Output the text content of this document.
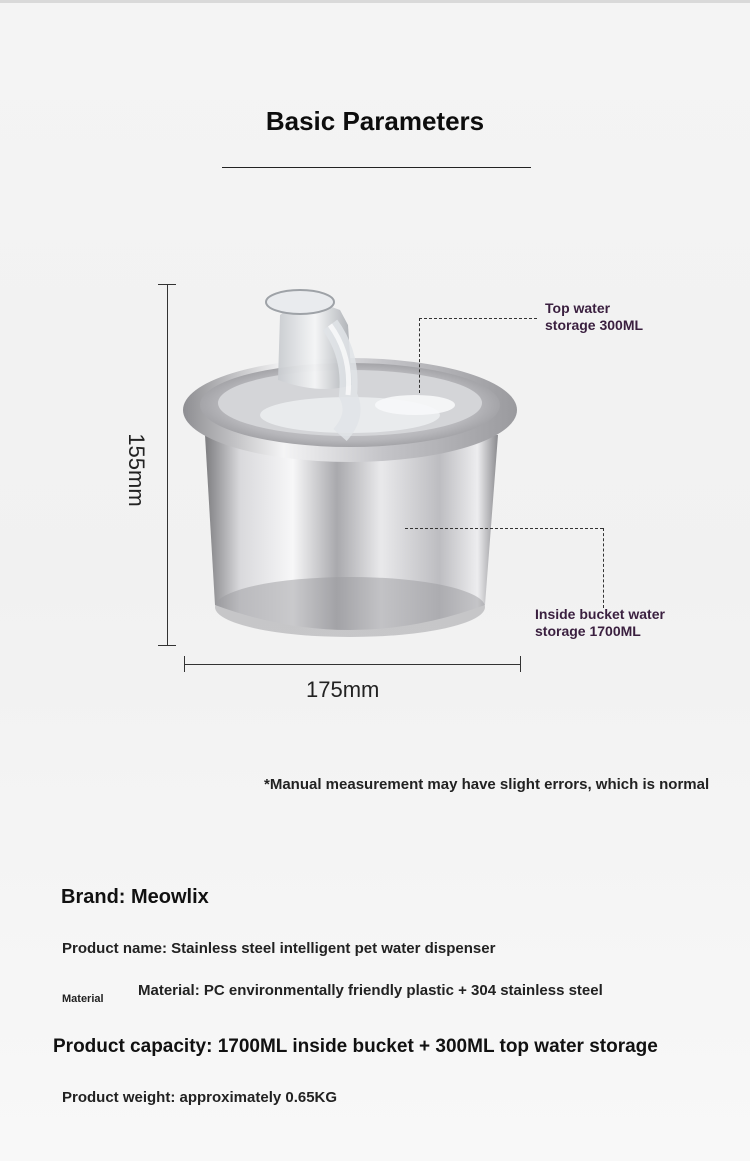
Basic Parameters
155mm
175mm
Top water
storage 300ML
Inside bucket water
storage 1700ML
*Manual measurement may have slight errors, which is normal
Brand: Meowlix
Product name: Stainless steel intelligent pet water dispenser
Material Material: PC environmentally friendly plastic + 304 stainless steel
Product capacity: 1700ML inside bucket + 300ML top water storage
Product weight: approximately 0.65KG
